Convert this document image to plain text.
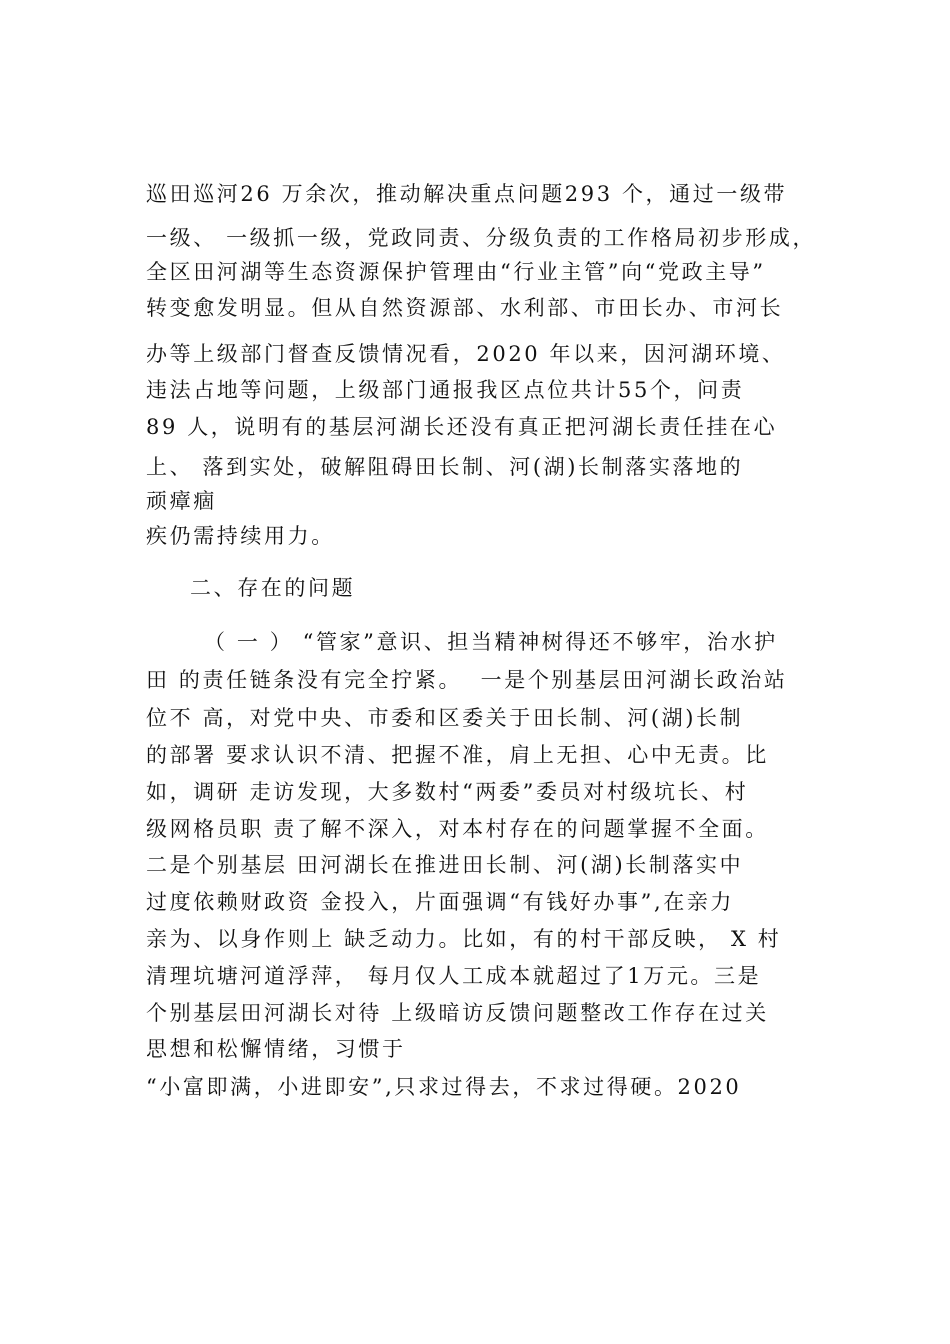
巡田巡河26 万余次，推动解决重点问题293 个，通过一级带
一级、 一级抓一级，党政同责、分级负责的工作格局初步形成，
全区田河湖等生态资源保护管理由“行业主管”向“党政主导”
转变愈发明显。但从自然资源部、水利部、市田长办、市河长
办等上级部门督查反馈情况看，2020 年以来，因河湖环境、
违法占地等问题，上级部门通报我区点位共计55个，问责
89 人，说明有的基层河湖长还没有真正把河湖长责任挂在心
上、 落到实处，破解阻碍田长制、河(湖)长制落实落地的
顽瘴痼
疾仍需持续用力。
二、存在的问题
（ 一 ） “管家”意识、担当精神树得还不够牢，治水护
田 的责任链条没有完全拧紧。  一是个别基层田河湖长政治站
位不 高，对党中央、市委和区委关于田长制、河(湖)长制
的部署 要求认识不清、把握不准，肩上无担、心中无责。比
如，调研 走访发现，大多数村“两委”委员对村级坑长、村
级网格员职 责了解不深入，对本村存在的问题掌握不全面。
二是个别基层 田河湖长在推进田长制、河(湖)长制落实中
过度依赖财政资 金投入，片面强调“有钱好办事”,在亲力
亲为、以身作则上 缺乏动力。比如，有的村干部反映， X 村
清理坑塘河道浮萍， 每月仅人工成本就超过了1万元。三是
个别基层田河湖长对待 上级暗访反馈问题整改工作存在过关
思想和松懈情绪，习惯于
“小富即满，小进即安”,只求过得去，不求过得硬。2020
